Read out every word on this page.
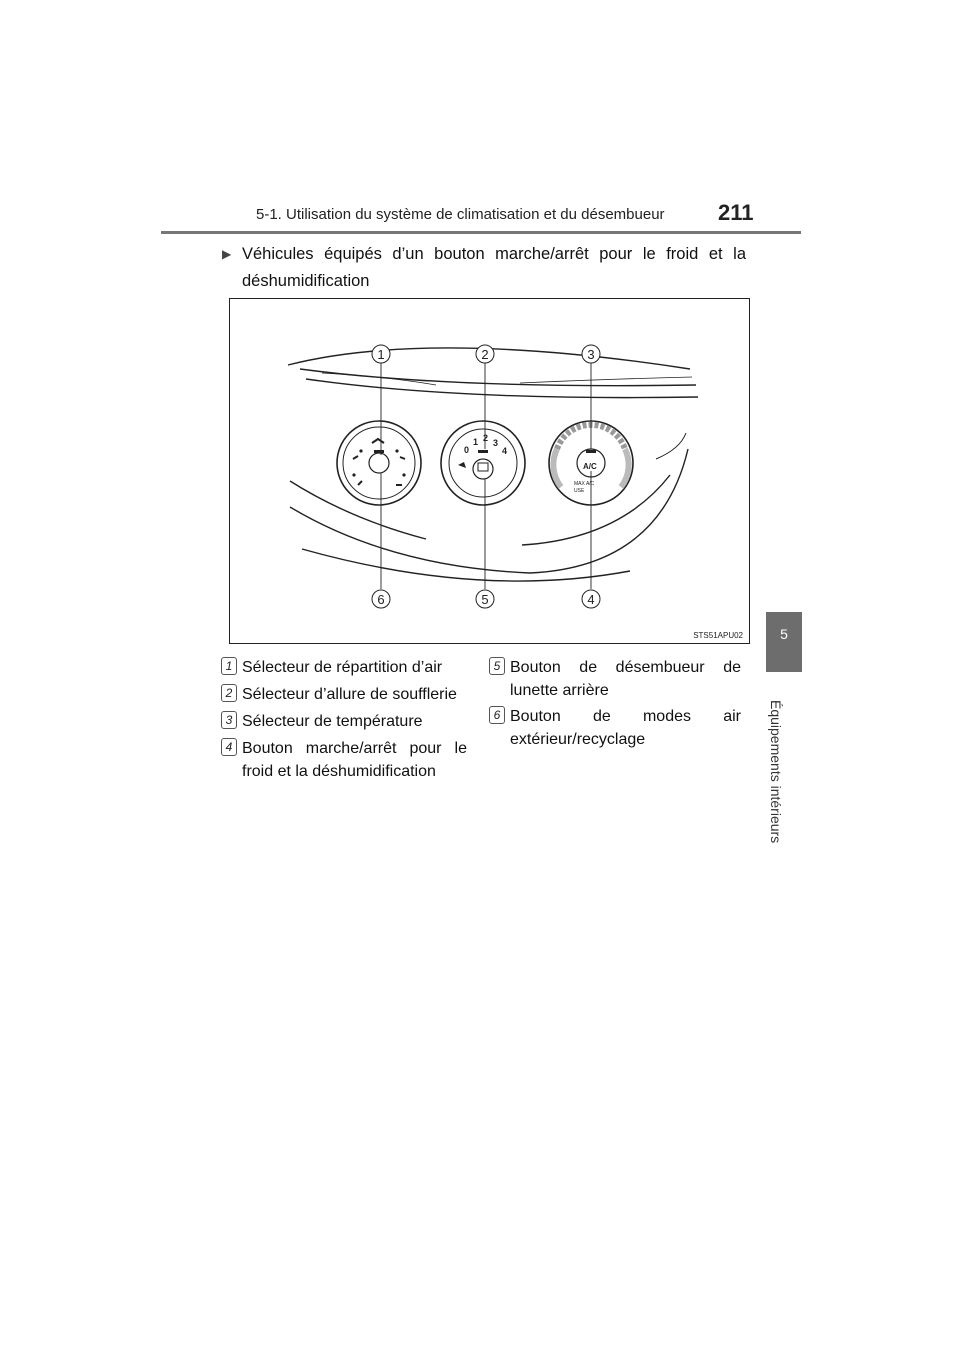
5-1. Utilisation du système de climatisation et du désembueur 211
5
Équipements intérieurs
▶ Véhicules équipés d’un bouton marche/arrêt pour le froid et la
déshumidification
0
1 2 3
4
A/C
MAX A/C
USE
1	2	3
4
5
6
STS51APU02
1 Sélecteur de répartition d’air
2 Sélecteur d’allure de soufflerie
3 Sélecteur de température
4 Bouton marche/arrêt pour le
froid et la déshumidification
5 Bouton de désembueur de
lunette arrière
6 Bouton de modes air
extérieur/recyclage
